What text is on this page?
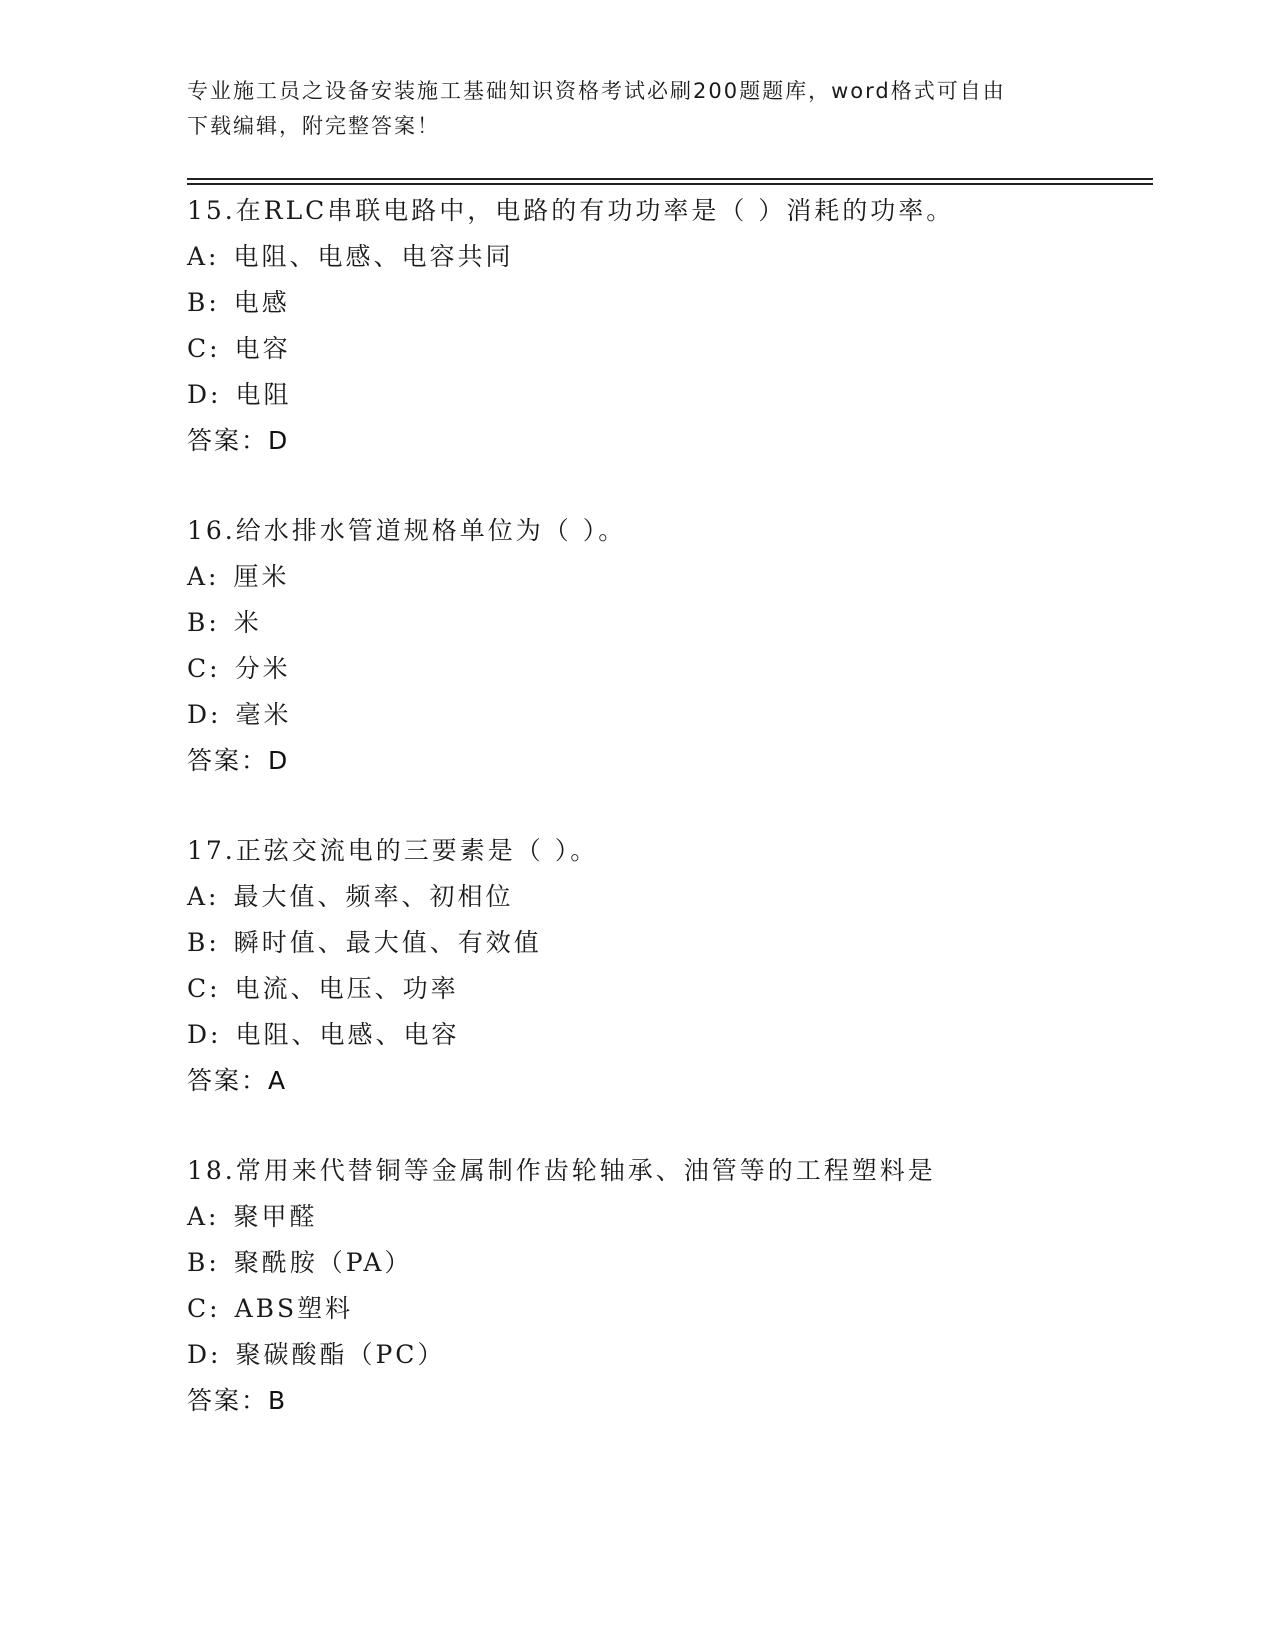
专业施工员之设备安装施工基础知识资格考试必刷200题题库，word格式可自由
下载编辑，附完整答案！
15.在RLC串联电路中，电路的有功功率是（ ）消耗的功率。
A: 电阻、电感、电容共同
B: 电感
C: 电容
D: 电阻
答案：D
16.给水排水管道规格单位为（ ）。
A: 厘米
B: 米
C: 分米
D: 毫米
答案：D
17.正弦交流电的三要素是（ ）。
A: 最大值、频率、初相位
B: 瞬时值、最大值、有效值
C: 电流、电压、功率
D: 电阻、电感、电容
答案：A
18.常用来代替铜等金属制作齿轮轴承、油管等的工程塑料是
A: 聚甲醛
B: 聚酰胺（PA）
C: ABS塑料
D: 聚碳酸酯（PC）
答案：B
